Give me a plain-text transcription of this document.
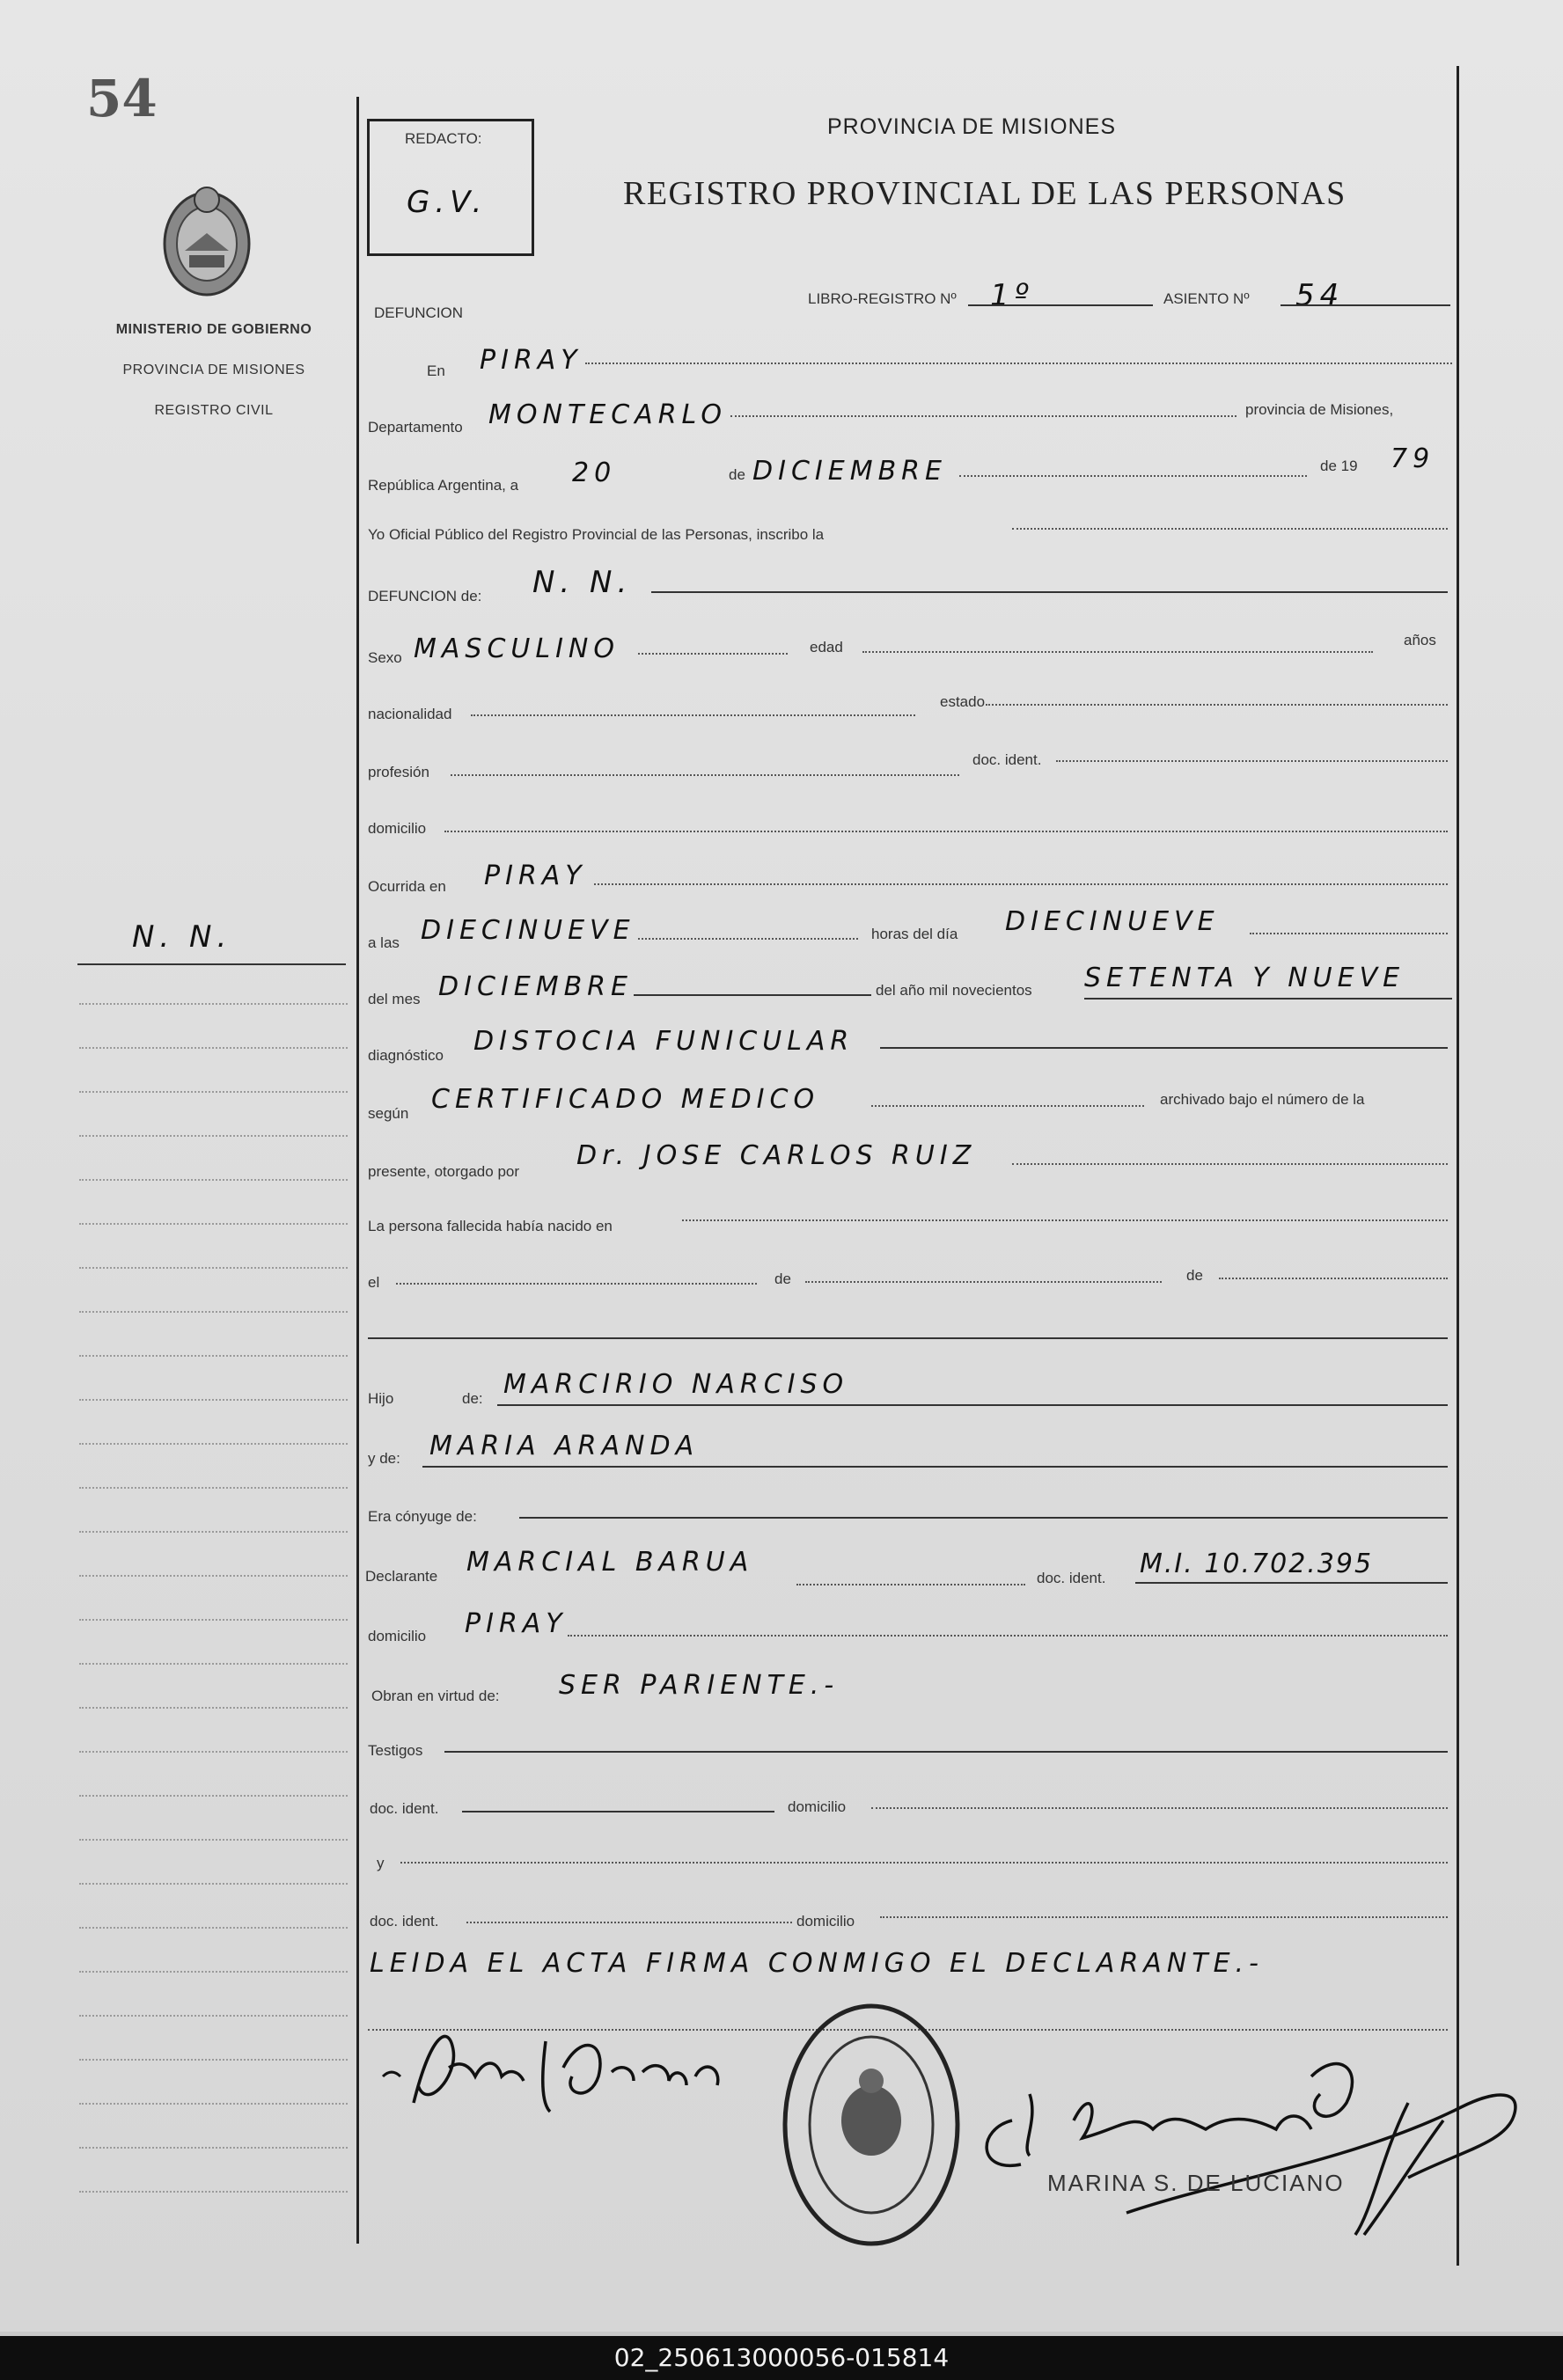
54
MINISTERIO DE GOBIERNO
PROVINCIA DE MISIONES
REGISTRO CIVIL
N. N.
REDACTO:
G.V.
PROVINCIA DE MISIONES
REGISTRO PROVINCIAL DE LAS PERSONAS
LIBRO-REGISTRO Nº 1º	ASIENTO Nº 54
DEFUNCION
En PIRAY
Departamento MONTECARLO	provincia de Misiones,
República Argentina, a 20	de DICIEMBRE	de 19 79
Yo Oficial Público del Registro Provincial de las Personas, inscribo la
DEFUNCION de: N. N.
Sexo MASCULINO	edad	años
nacionalidad
estado
profesión
doc. ident.
domicilio
Ocurrida en PIRAY
a las DIECINUEVE	horas del día DIECINUEVE
del mes DICIEMBRE	del año mil novecientos SETENTA Y NUEVE
diagnóstico DISTOCIA FUNICULAR
según CERTIFICADO MEDICO	archivado bajo el número de la
presente, otorgado por
Dr. JOSE CARLOS RUIZ
La persona fallecida había nacido en
el	de	de
Hijo	de: MARCIRIO NARCISO
y de: MARIA ARANDA
Era cónyuge de:
Declarante MARCIAL BARUA
doc. ident. M.I. 10.702.395
domicilio PIRAY
Obran en virtud de: SER PARIENTE.-
Testigos
doc. ident.	domicilio
y
doc. ident.	domicilio
LEIDA EL ACTA FIRMA CONMIGO EL DECLARANTE.-
MARINA S. DE LUCIANO
02_250613000056-015814
